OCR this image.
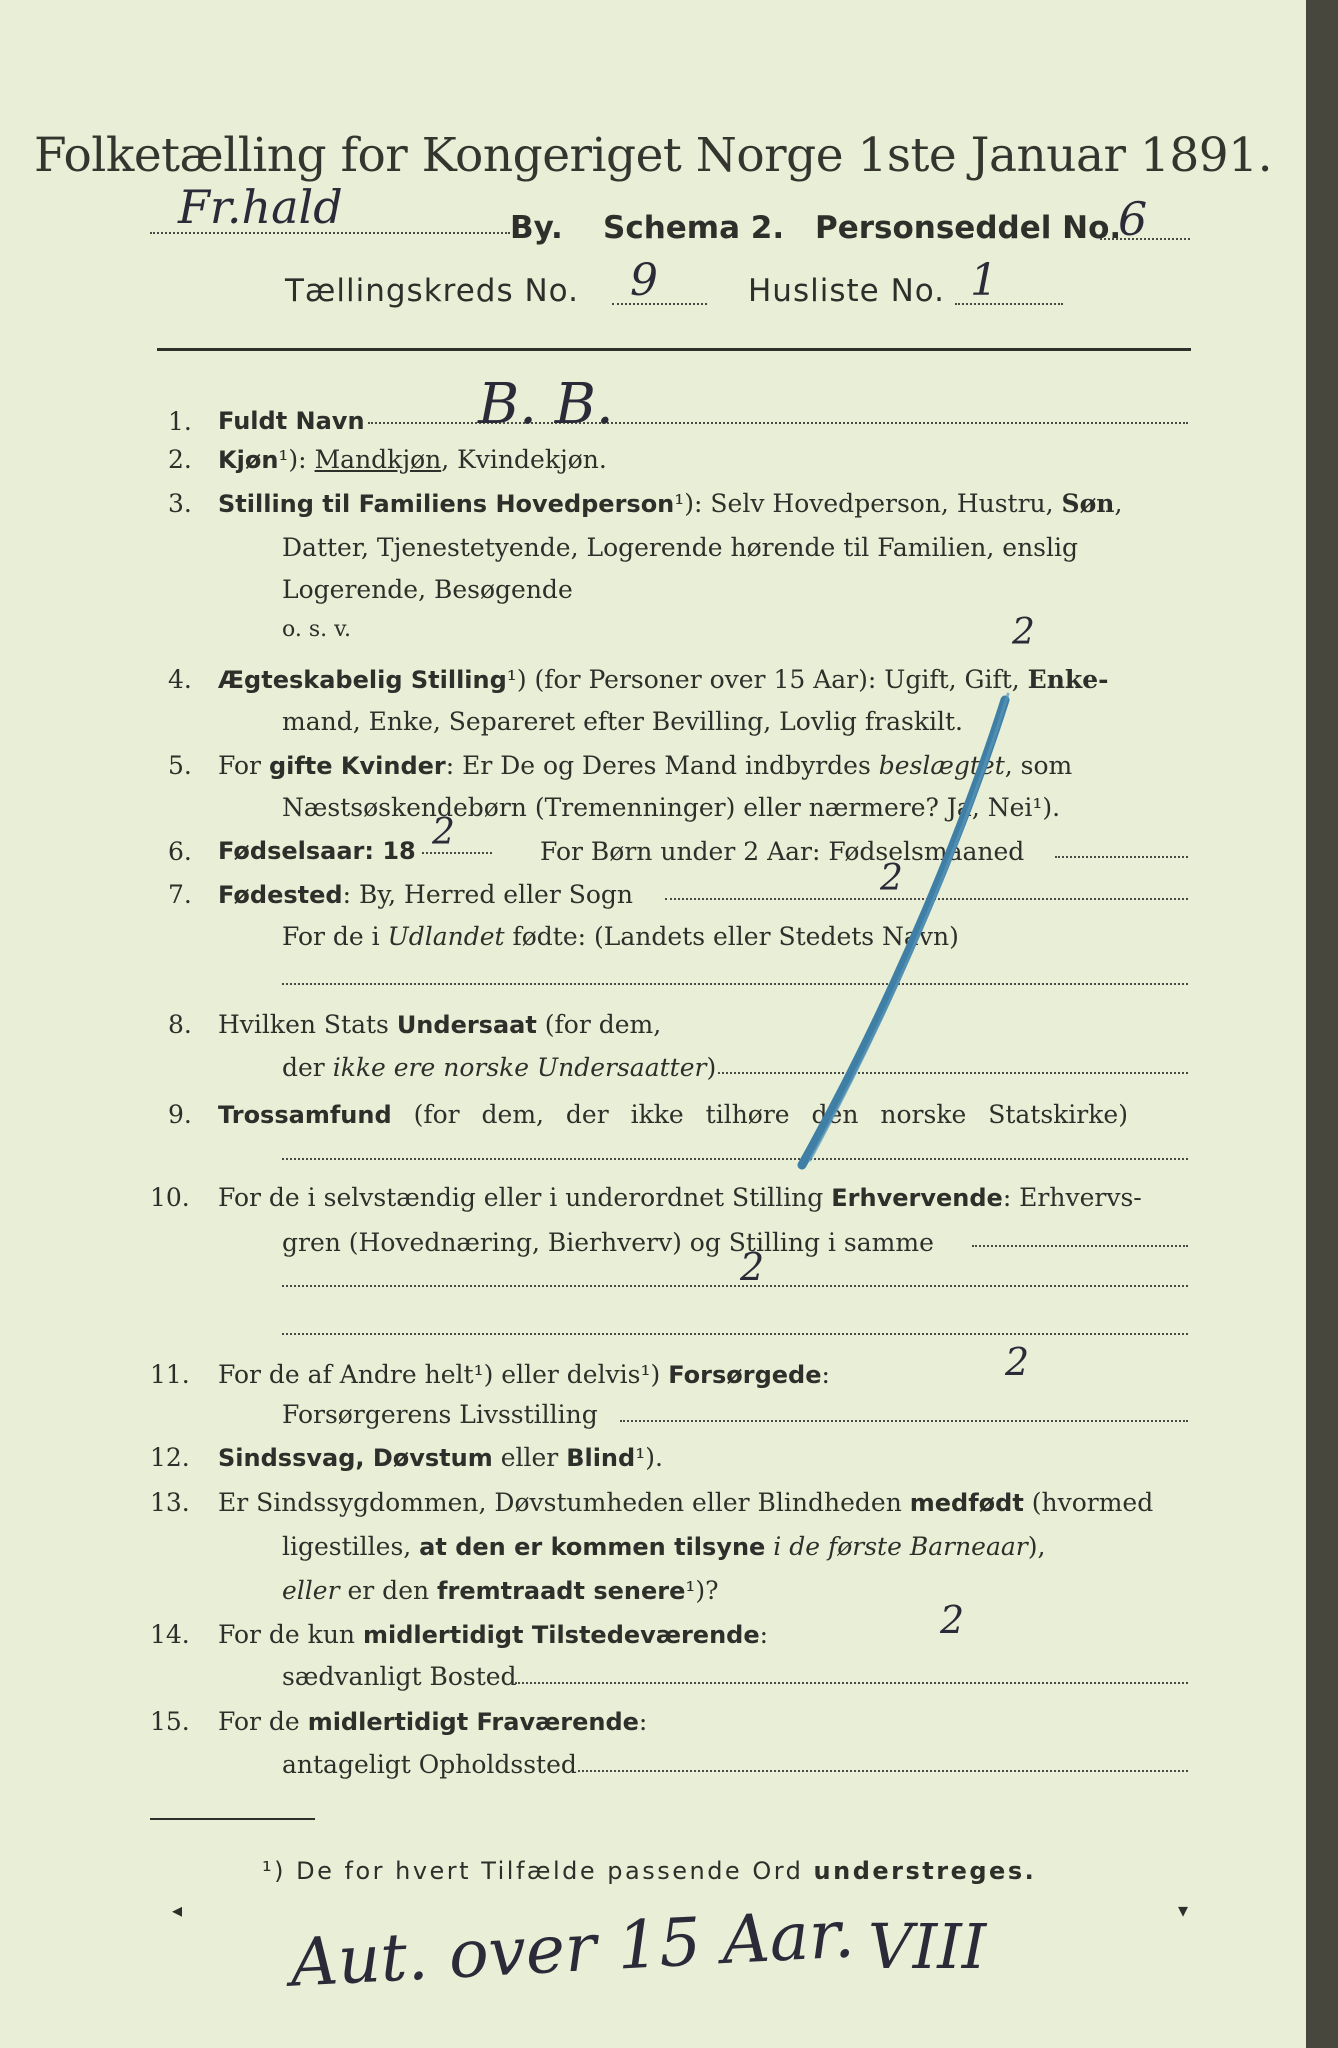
Folketælling for Kongeriget Norge 1ste Januar 1891.
Fr.hald	By. Schema 2. Personseddel No.
6
Tællingskreds No. 9	Husliste No. 1
1. Fuldt Navn B. B.
2. Kjøn¹): Mandkjøn, Kvindekjøn.
3. Stilling til Familiens Hovedperson¹): Selv Hovedperson, Hustru, Søn,
Datter, Tjenestetyende, Logerende hørende til Familien, enslig
Logerende, Besøgende
o. s. v.
4. Ægteskabelig Stilling¹) (for Personer over 15 Aar): Ugift, Gift, Enke-
mand, Enke, Separeret efter Bevilling, Lovlig fraskilt.
2
5. For gifte Kvinder: Er De og Deres Mand indbyrdes beslægtet, som
Næstsøskendebørn (Tremenninger) eller nærmere? Ja, Nei¹).
6. Fødselsaar: 18 2	For Børn under 2 Aar: Fødselsmaaned
7. Fødested: By, Herred eller Sogn	2
For de i Udlandet fødte: (Landets eller Stedets Navn)
8. Hvilken Stats Undersaat (for dem,
der ikke ere norske Undersaatter)
9. Trossamfund (for dem, der ikke tilhøre den norske Statskirke)
10. For de i selvstændig eller i underordnet Stilling Erhvervende: Erhvervs-
gren (Hovednæring, Bierhverv) og Stilling i samme
2
11. For de af Andre helt¹) eller delvis¹) Forsørgede:	2
Forsørgerens Livsstilling
12. Sindssvag, Døvstum eller Blind¹).
13. Er Sindssygdommen, Døvstumheden eller Blindheden medfødt (hvormed
ligestilles, at den er kommen tilsyne i de første Barneaar),
eller er den fremtraadt senere¹)?
14. For de kun midlertidigt Tilstedeværende:	2
sædvanligt Bosted
15. For de midlertidigt Fraværende:
antageligt Opholdssted
¹) De for hvert Tilfælde passende Ord understreges.
Aut. over 15 Aar. VIII
◂	▾
